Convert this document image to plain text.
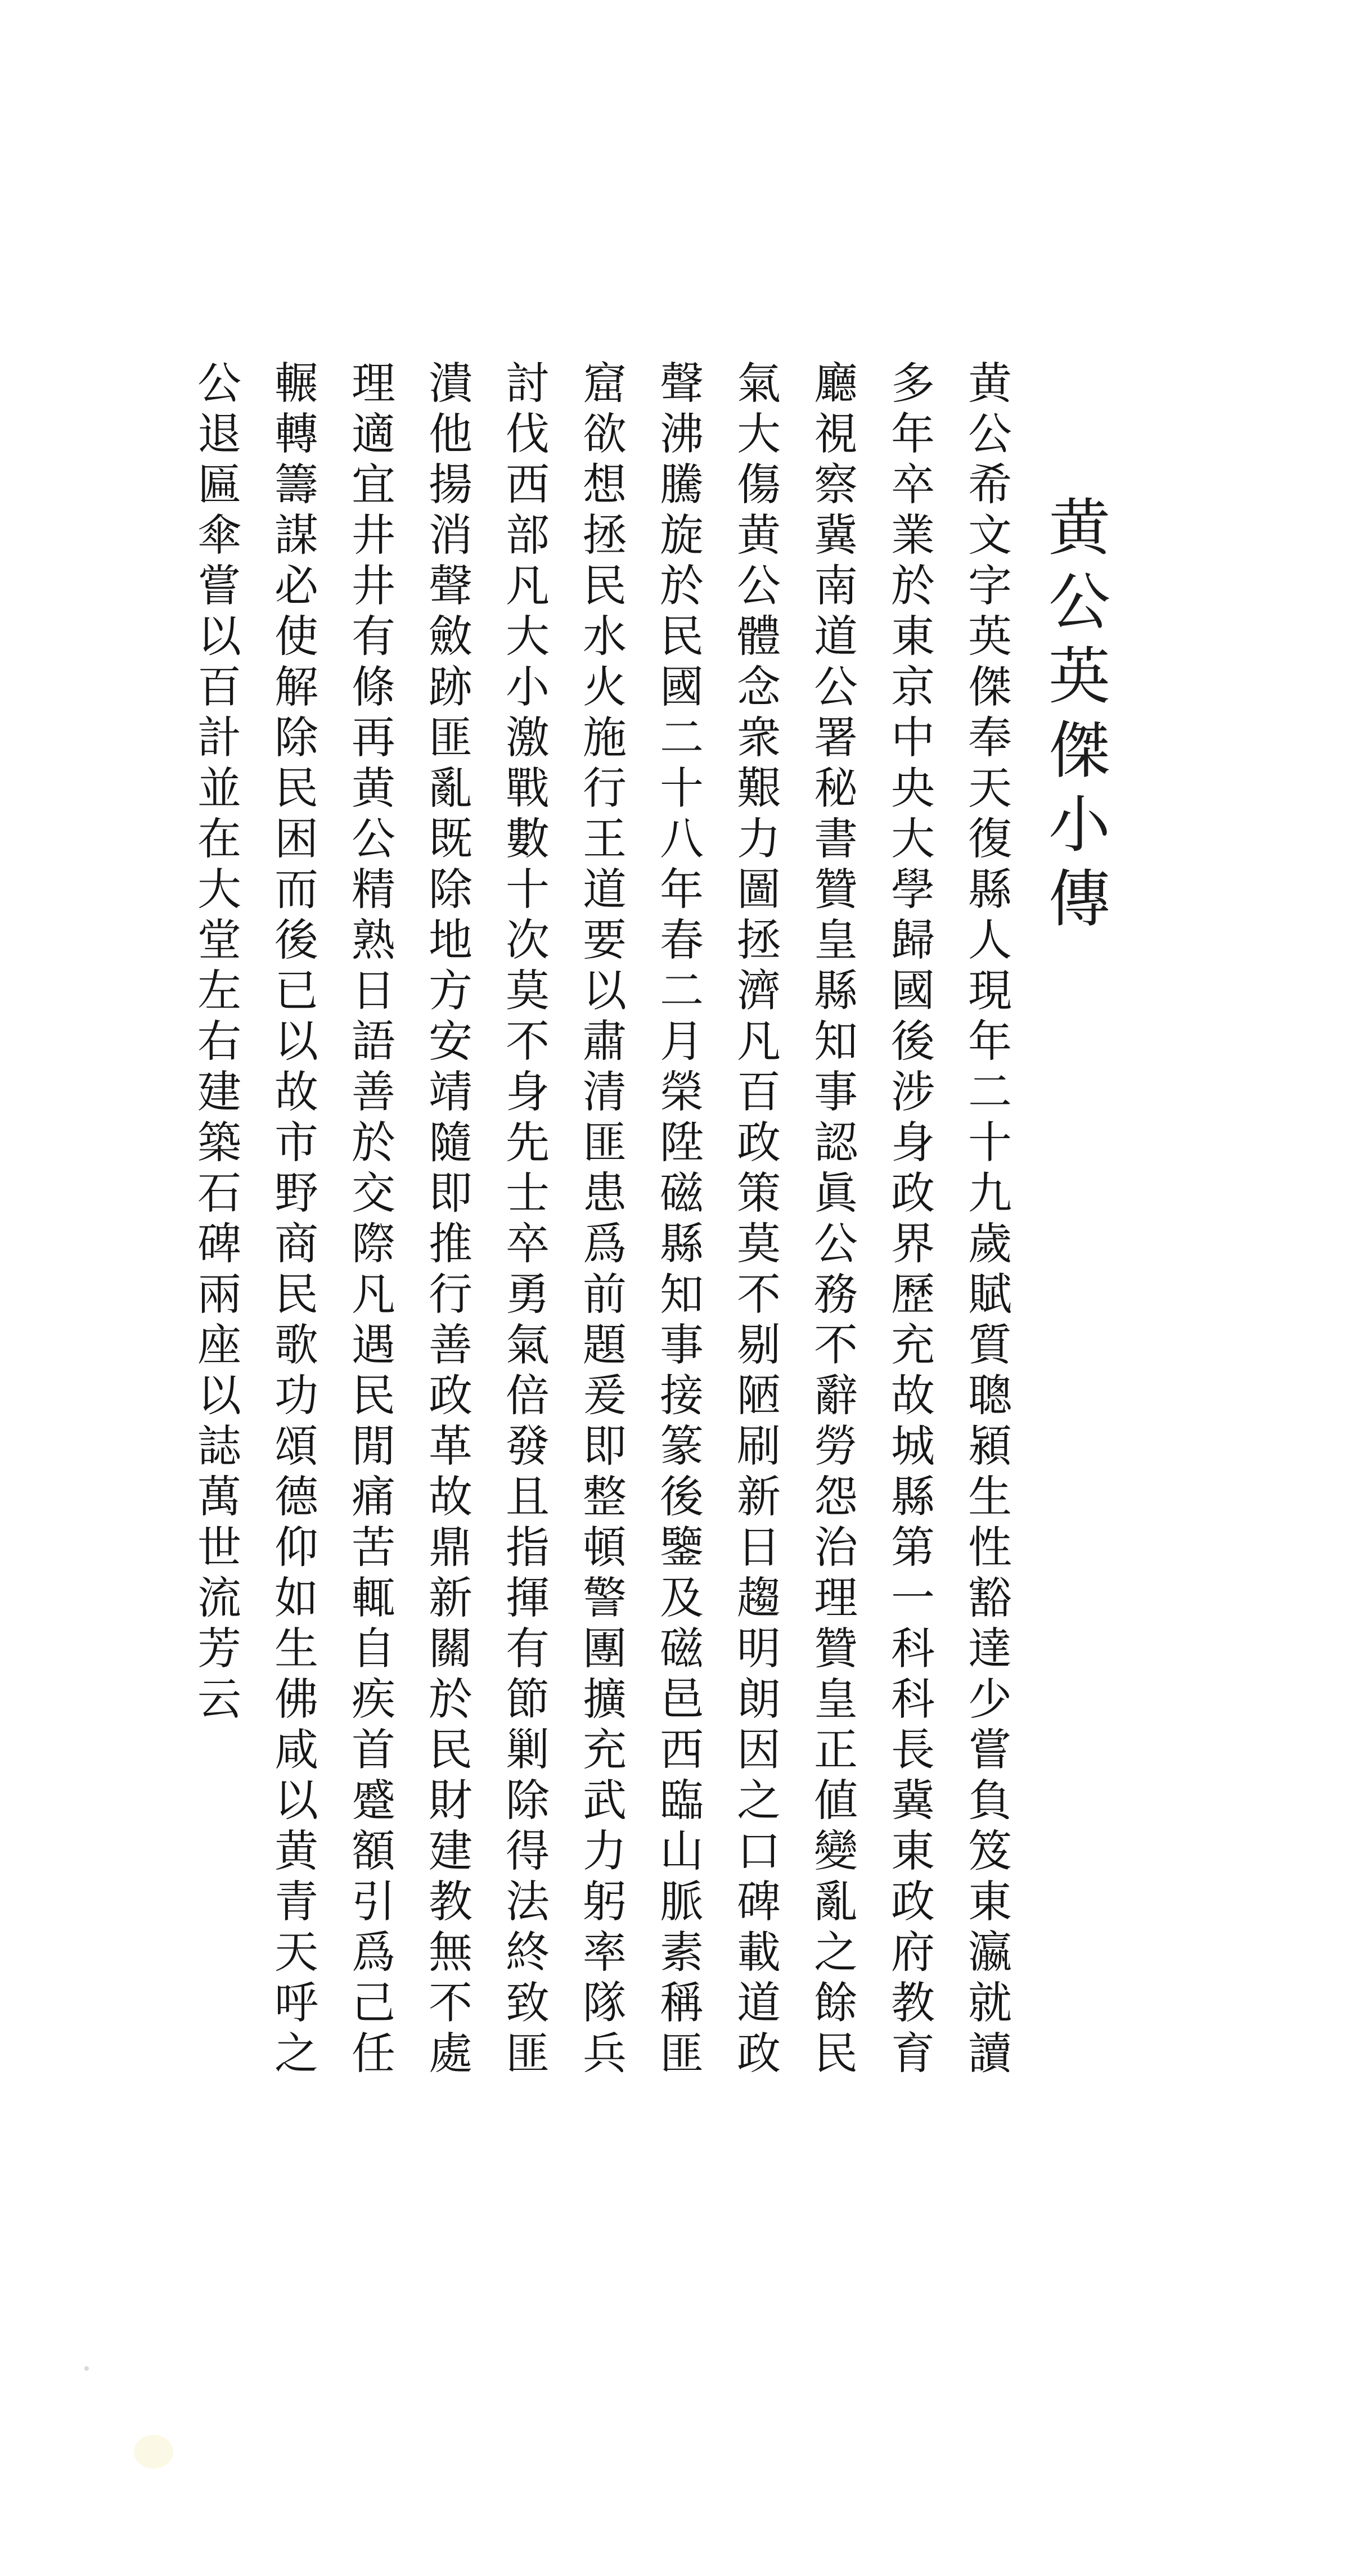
黄公英傑小傳
黄公希文字英傑奉天復縣人現年二十九歲賦質聰潁生性豁達少嘗負笈東瀛就讀
多年卒業於東京中央大學歸國後涉身政界歷充故城縣第一科科長冀東政府教育
廳視察冀南道公署秘書贊皇縣知事認眞公務不辭勞怨治理贊皇正値變亂之餘民
氣大傷黄公體念衆艱力圖拯濟凡百政策莫不剔陋刷新日趨明朗因之口碑載道政
聲沸騰旋於民國二十八年春二月榮陞磁縣知事接篆後鑒及磁邑西臨山脈素稱匪
窟欲想拯民水火施行王道要以肅清匪患爲前題爰即整頓警團擴充武力躬率隊兵
討伐西部凡大小激戰數十次莫不身先士卒勇氣倍發且指揮有節剿除得法終致匪
潰他揚消聲斂跡匪亂既除地方安靖隨即推行善政革故鼎新關於民財建教無不處
理適宜井井有條再黄公精熟日語善於交際凡遇民閒痛苦輒自疾首蹙額引爲己任
輾轉籌謀必使解除民困而後已以故市野商民歌功頌德仰如生佛咸以黄青天呼之
公退匾傘嘗以百計並在大堂左右建築石碑兩座以誌萬世流芳云
